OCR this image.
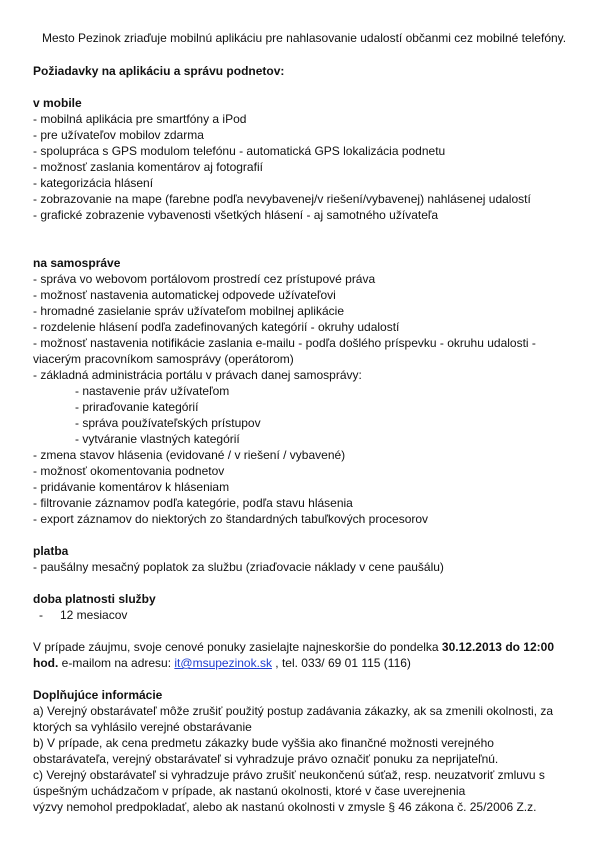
Mesto Pezinok zriaďuje mobilnú aplikáciu pre nahlasovanie udalostí občanmi cez mobilné telefóny.
Požiadavky na aplikáciu a správu podnetov:
v mobile
- mobilná aplikácia pre smartfóny a iPod
- pre užívateľov mobilov zdarma
- spolupráca s GPS modulom telefónu - automatická GPS lokalizácia podnetu
- možnosť zaslania komentárov aj fotografií
- kategorizácia hlásení
- zobrazovanie na mape (farebne podľa nevybavenej/v riešení/vybavenej) nahlásenej udalostí
- grafické zobrazenie vybavenosti všetkých hlásení - aj samotného užívateľa
na samospráve
- správa vo webovom portálovom prostredí cez prístupové práva
- možnosť nastavenia automatickej odpovede užívateľovi
- hromadné zasielanie správ užívateľom mobilnej aplikácie
- rozdelenie hlásení podľa zadefinovaných kategórií - okruhy udalostí
- možnosť nastavenia notifikácie zaslania e-mailu - podľa došlého príspevku - okruhu udalosti -
viacerým pracovníkom samosprávy (operátorom)
- základná administrácia portálu v právach danej samosprávy:
- nastavenie práv užívateľom
- priraďovanie kategórií
- správa používateľských prístupov
- vytváranie vlastných kategórií
- zmena stavov hlásenia (evidované / v riešení / vybavené)
- možnosť okomentovania podnetov
- pridávanie komentárov k hláseniam
- filtrovanie záznamov podľa kategórie, podľa stavu hlásenia
- export záznamov do niektorých zo štandardných tabuľkových procesorov
platba
- paušálny mesačný poplatok za službu (zriaďovacie náklady v cene paušálu)
doba platnosti služby
- 12 mesiacov
V prípade záujmu, svoje cenové ponuky zasielajte najneskoršie do pondelka 30.12.2013 do 12:00
hod. e-mailom na adresu: it@msupezinok.sk , tel. 033/ 69 01 115 (116)
Doplňujúce informácie
a) Verejný obstarávateľ môže zrušiť použitý postup zadávania zákazky, ak sa zmenili okolnosti, za
ktorých sa vyhlásilo verejné obstarávanie
b) V prípade, ak cena predmetu zákazky bude vyššia ako finančné možnosti verejného
obstarávateľa, verejný obstarávateľ si vyhradzuje právo označiť ponuku za neprijateľnú.
c) Verejný obstarávateľ si vyhradzuje právo zrušiť neukončenú súťaž, resp. neuzatvoriť zmluvu s
úspešným uchádzačom v prípade, ak nastanú okolnosti, ktoré v čase uverejnenia
výzvy nemohol predpokladať, alebo ak nastanú okolnosti v zmysle § 46 zákona č. 25/2006 Z.z.
